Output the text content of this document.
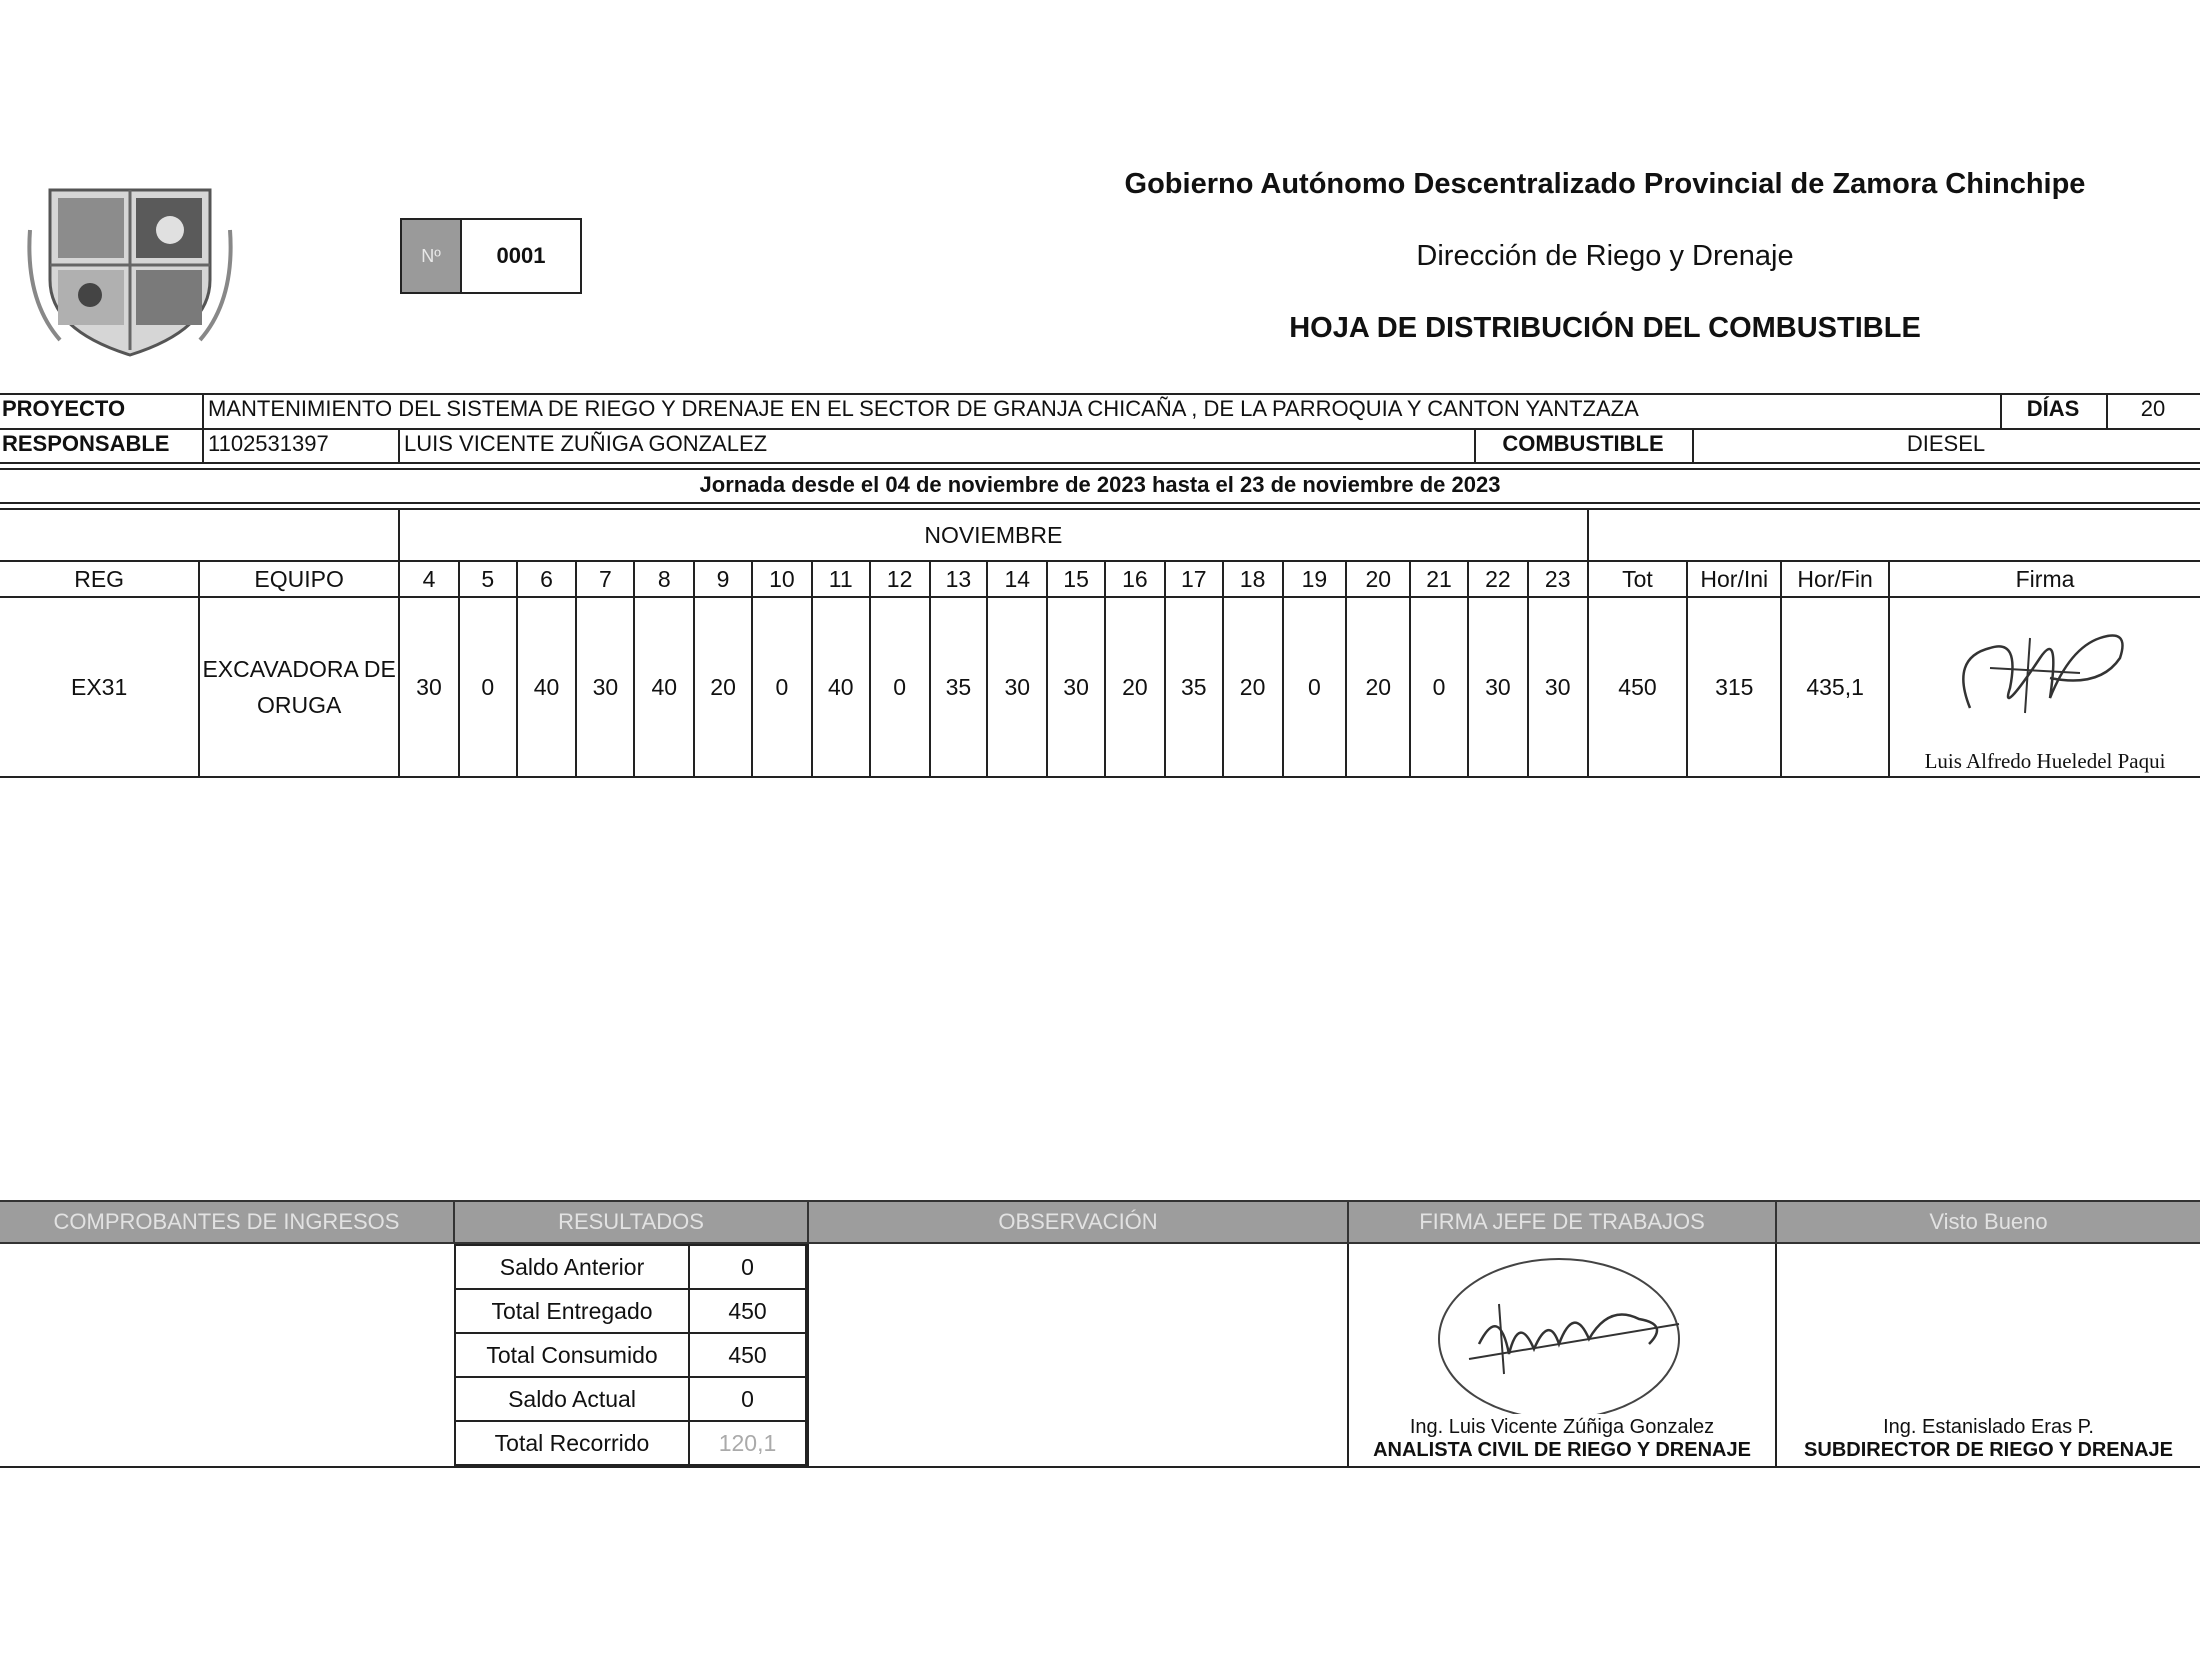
Nº	0001
Gobierno Autónomo Descentralizado Provincial de Zamora Chinchipe
Dirección de Riego y Drenaje
HOJA DE DISTRIBUCIÓN DEL COMBUSTIBLE
PROYECTO	MANTENIMIENTO DEL SISTEMA DE RIEGO Y DRENAJE EN EL SECTOR DE GRANJA CHICAÑA , DE LA PARROQUIA Y CANTON YANTZAZA	DÍAS	20
RESPONSABLE 1102531397	LUIS VICENTE ZUÑIGA GONZALEZ	COMBUSTIBLE	DIESEL
Jornada desde el 04 de noviembre de 2023 hasta el 23 de noviembre de 2023
		NOVIEMBRE																							
REG	EQUIPO	4	5	6	7	8	9	10	11	12	13	14	15	16	17	18	19	20	21	22	23	Tot	Hor/Ini	Hor/Fin	Firma
EX31	EXCAVADORA DE ORUGA	30	0	40	30	40	20	0	40	0	35	30	30	20	35	20	0	20	0	30	30	450	315	435,1	Luis Alfredo Hueledel Paqui
COMPROBANTES DE INGRESOS	RESULTADOS	OBSERVACIÓN	FIRMA JEFE DE TRABAJOS	Visto Bueno

Saldo Anterior	0
Total Entregado	450
Total Consumido	450
Saldo Actual	0
Total Recorrido	120,1

Ing. Luis Vicente Zúñiga Gonzalez
ANALISTA CIVIL DE RIEGO Y DRENAJE

Ing. Estanislado Eras P.
SUBDIRECTOR DE RIEGO Y DRENAJE
